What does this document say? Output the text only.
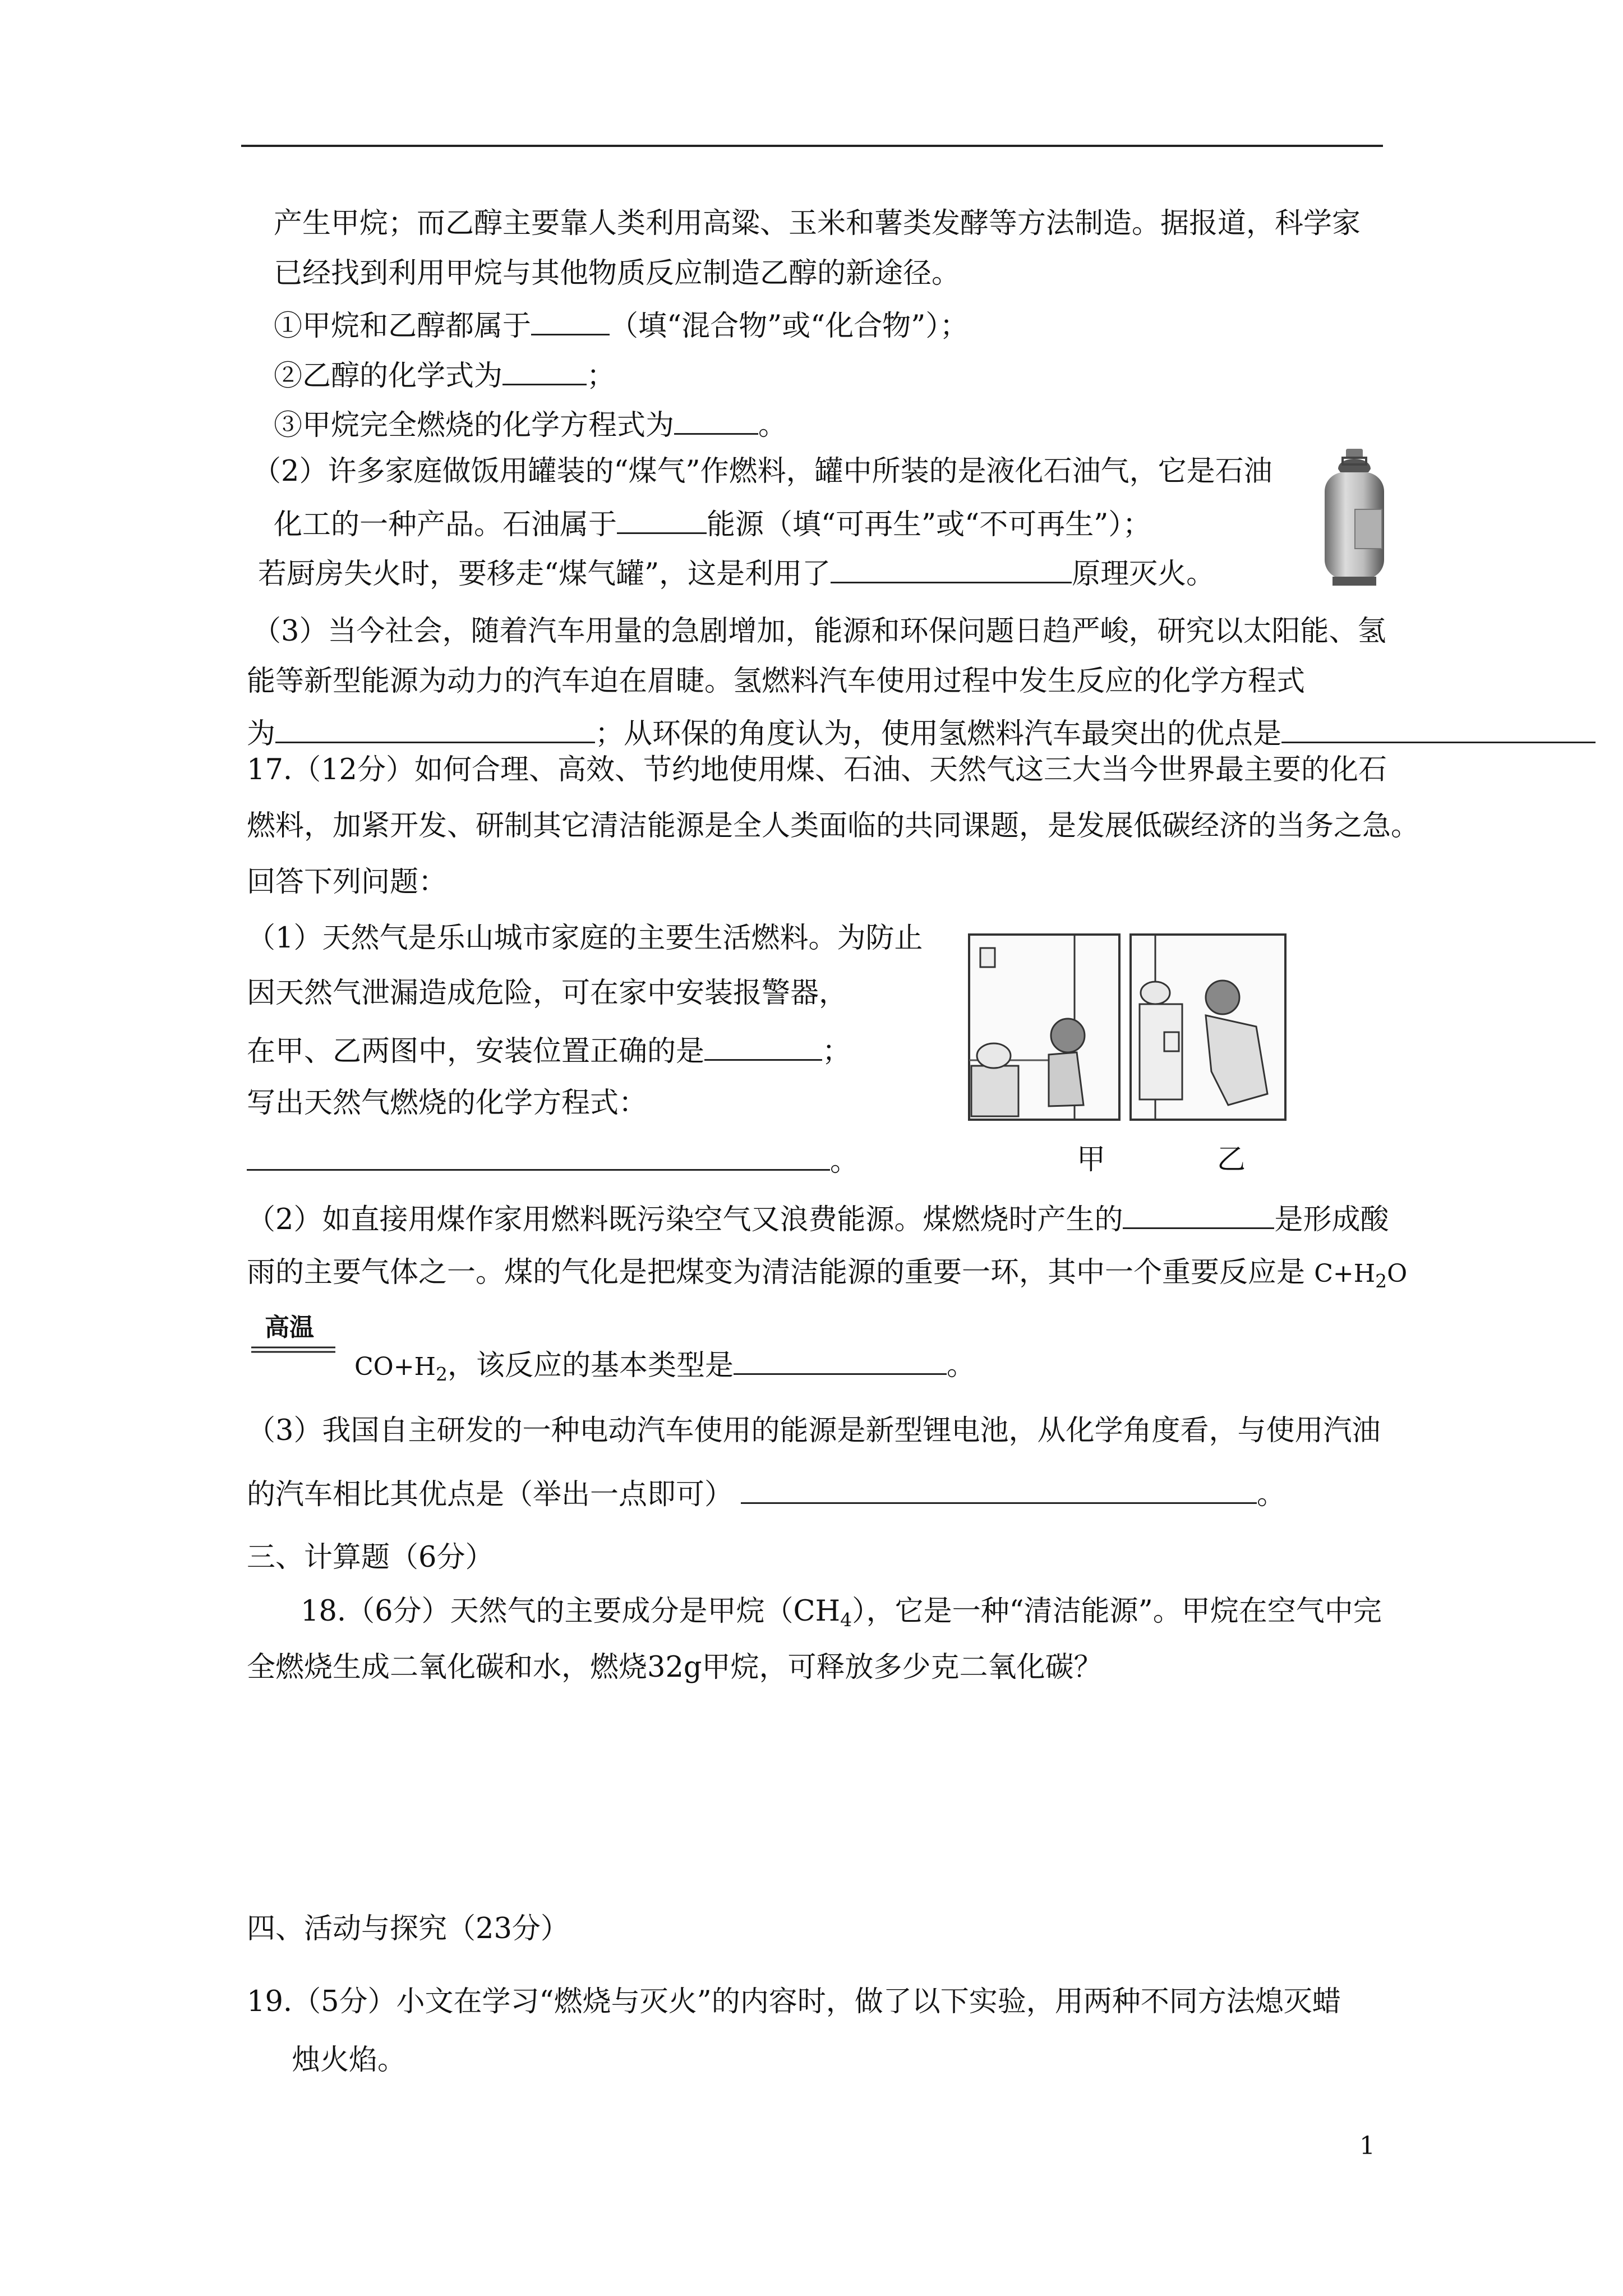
产生甲烷；而乙醇主要靠人类利用高粱、玉米和薯类发酵等方法制造。据报道，科学家
已经找到利用甲烷与其他物质反应制造乙醇的新途径。
①甲烷和乙醇都属于	（填“混合物”或“化合物”）；
②乙醇的化学式为	；
③甲烷完全燃烧的化学方程式为	。
（2）许多家庭做饭用罐装的“煤气”作燃料，罐中所装的是液化石油气，它是石油
化工的一种产品。石油属于	能源（填“可再生”或“不可再生”）；
若厨房失火时，要移走“煤气罐”，这是利用了	原理灭火。
（3）当今社会，随着汽车用量的急剧增加，能源和环保问题日趋严峻，研究以太阳能、氢
能等新型能源为动力的汽车迫在眉睫。氢燃料汽车使用过程中发生反应的化学方程式
为	；从环保的角度认为，使用氢燃料汽车最突出的优点是
17.（12分）如何合理、高效、节约地使用煤、石油、天然气这三大当今世界最主要的化石
燃料，加紧开发、研制其它清洁能源是全人类面临的共同课题，是发展低碳经济的当务之急。
回答下列问题：
（1）天然气是乐山城市家庭的主要生活燃料。为防止
因天然气泄漏造成危险，可在家中安装报警器，
在甲、乙两图中，安装位置正确的是	；
写出天然气燃烧的化学方程式：
。	甲	乙
（2）如直接用煤作家用燃料既污染空气又浪费能源。煤燃烧时产生的	是形成酸
雨的主要气体之一。煤的气化是把煤变为清洁能源的重要一环，其中一个重要反应是 $C+H_2O$
高温
$CO+H_2$，该反应的基本类型是	。
（3）我国自主研发的一种电动汽车使用的能源是新型锂电池，从化学角度看，与使用汽油
的汽车相比其优点是（举出一点即可）	。
三、计算题（6分）
18.（6分）天然气的主要成分是甲烷$(CH_4)$，它是一种“清洁能源”。甲烷在空气中完
全燃烧生成二氧化碳和水，燃烧32g甲烷，可释放多少克二氧化碳？
四、活动与探究（23分）
19.（5分）小文在学习“燃烧与灭火”的内容时，做了以下实验，用两种不同方法熄灭蜡
烛火焰。
1
